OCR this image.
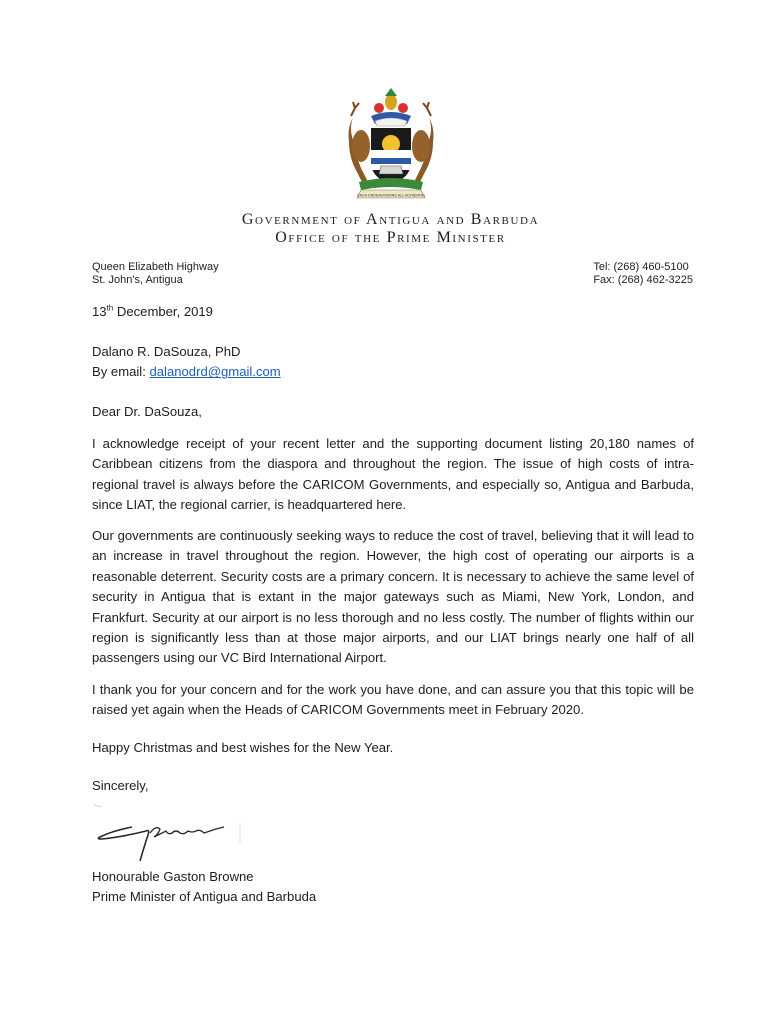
EACH ENDEAVOURING ALL ACHIEVING
Government of Antigua and Barbuda
Office of the Prime Minister
Queen Elizabeth Highway
St. John's, Antigua
Tel: (268) 460-5100
Fax: (268) 462-3225
13th December, 2019
Dalano R. DaSouza, PhD
By email: dalanodrd@gmail.com
Dear Dr. DaSouza,
I acknowledge receipt of your recent letter and the supporting document listing 20,180 names of Caribbean citizens from the diaspora and throughout the region. The issue of high costs of intra-regional travel is always before the CARICOM Governments, and especially so, Antigua and Barbuda, since LIAT, the regional carrier, is headquartered here.
Our governments are continuously seeking ways to reduce the cost of travel, believing that it will lead to an increase in travel throughout the region. However, the high cost of operating our airports is a reasonable deterrent. Security costs are a primary concern. It is necessary to achieve the same level of security in Antigua that is extant in the major gateways such as Miami, New York, London, and Frankfurt. Security at our airport is no less thorough and no less costly. The number of flights within our region is significantly less than at those major airports, and our LIAT brings nearly one half of all passengers using our VC Bird International Airport.
I thank you for your concern and for the work you have done, and can assure you that this topic will be raised yet again when the Heads of CARICOM Governments meet in February 2020.
Happy Christmas and best wishes for the New Year.
Sincerely,
Honourable Gaston Browne
Prime Minister of Antigua and Barbuda
